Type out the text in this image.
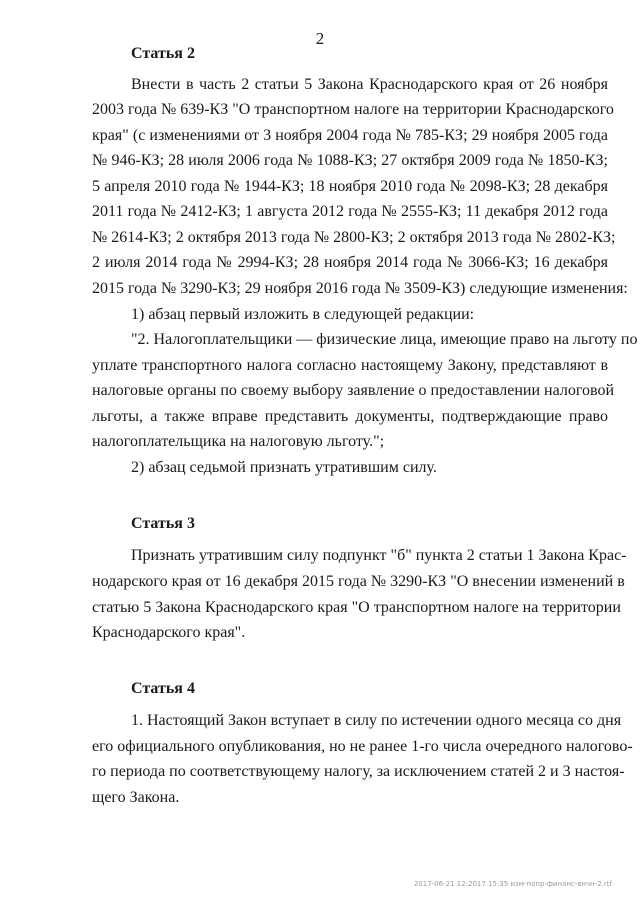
2
Статья 2
Внести в часть 2 статьи 5 Закона Краснодарского края от 26 ноября
2003 года № 639-КЗ "О транспортном налоге на территории Краснодарского
края" (с изменениями от 3 ноября 2004 года № 785-КЗ; 29 ноября 2005 года
№ 946-КЗ; 28 июля 2006 года № 1088-КЗ; 27 октября 2009 года № 1850-КЗ;
5 апреля 2010 года № 1944-КЗ; 18 ноября 2010 года № 2098-КЗ; 28 декабря
2011 года № 2412-КЗ; 1 августа 2012 года № 2555-КЗ; 11 декабря 2012 года
№ 2614-КЗ; 2 октября 2013 года № 2800-КЗ; 2 октября 2013 года № 2802-КЗ;
2 июля 2014 года № 2994-КЗ; 28 ноября 2014 года № 3066-КЗ; 16 декабря
2015 года № 3290-КЗ; 29 ноября 2016 года № 3509-КЗ) следующие изменения:
1) абзац первый изложить в следующей редакции:
"2. Налогоплательщики — физические лица, имеющие право на льготу по
уплате транспортного налога согласно настоящему Закону, представляют в
налоговые органы по своему выбору заявление о предоставлении налоговой
льготы, а также вправе представить документы, подтверждающие право
налогоплательщика на налоговую льготу.";
2) абзац седьмой признать утратившим силу.
Статья 3
Признать утратившим силу подпункт "б" пункта 2 статьи 1 Закона Крас-
нодарского края от 16 декабря 2015 года № 3290-КЗ "О внесении изменений в
статью 5 Закона Краснодарского края "О транспортном налоге на территории
Краснодарского края".
Статья 4
1. Настоящий Закон вступает в силу по истечении одного месяца со дня
его официального опубликования, но не ранее 1-го числа очередного налогово-
го периода по соответствующему налогу, за исключением статей 2 и 3 настоя-
щего Закона.
2017-06-21 12:2017 15:35 изм-попр-финанс-внчн-2.rtf
